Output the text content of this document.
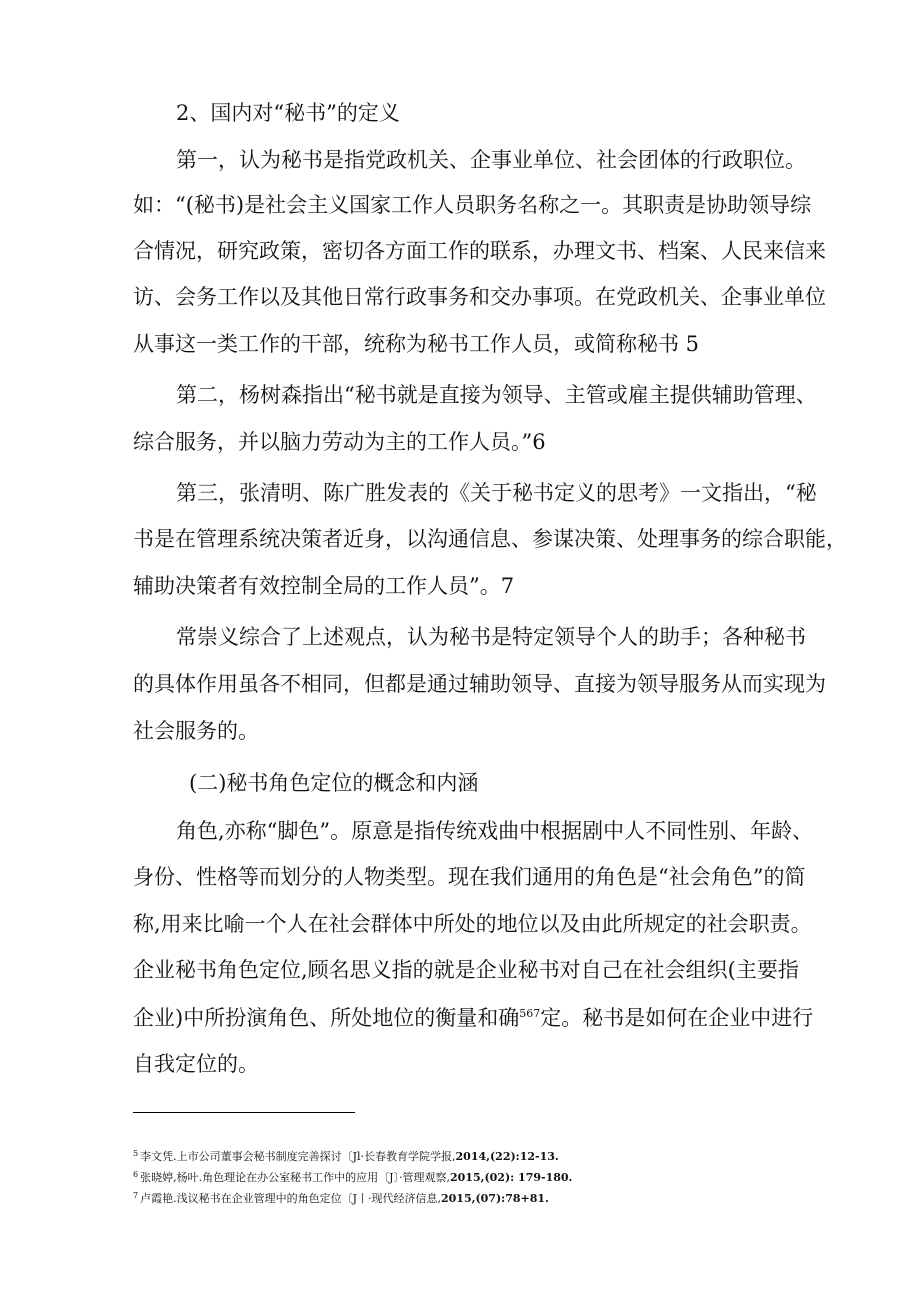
2、国内对“秘书”的定义

第一，认为秘书是指党政机关、企事业单位、社会团体的行政职位。

如：“(秘书)是社会主义国家工作人员职务名称之一。其职责是协助领导综

合情况，研究政策，密切各方面工作的联系，办理文书、档案、人民来信来

访、会务工作以及其他日常行政事务和交办事项。在党政机关、企事业单位

从事这一类工作的干部，统称为秘书工作人员，或简称秘书 5

第二，杨树森指出“秘书就是直接为领导、主管或雇主提供辅助管理、

综合服务，并以脑力劳动为主的工作人员。”6

第三，张清明、陈广胜发表的《关于秘书定义的思考》一文指出，“秘

书是在管理系统决策者近身，以沟通信息、参谋决策、处理事务的综合职能，

辅助决策者有效控制全局的工作人员”。7

常崇义综合了上述观点，认为秘书是特定领导个人的助手；各种秘书

的具体作用虽各不相同，但都是通过辅助领导、直接为领导服务从而实现为

社会服务的。

(二)秘书角色定位的概念和内涵

角色,亦称“脚色”。原意是指传统戏曲中根据剧中人不同性别、年龄、

身份、性格等而划分的人物类型。现在我们通用的角色是“社会角色”的简

称,用来比喻一个人在社会群体中所处的地位以及由此所规定的社会职责。

企业秘书角色定位,顾名思义指的就是企业秘书对自己在社会组织(主要指

企业)中所扮演角色、所处地位的衡量和确$^{567}$定。秘书是如何在企业中进行

自我定位的。

$^5$ 李文凭.上市公司董事会秘书制度完善探讨〔Jl·长春教育学院学报,2014,(22):12-13.

$^6$ 张晓婷,杨叶.角色理论在办公室秘书工作中的应用〔J〕·管理观察,2015,(02): 179-180.

$^7$ 卢霞艳.浅议秘书在企业管理中的角色定位〔J丨·现代经济信息,2015,(07):78+81.
